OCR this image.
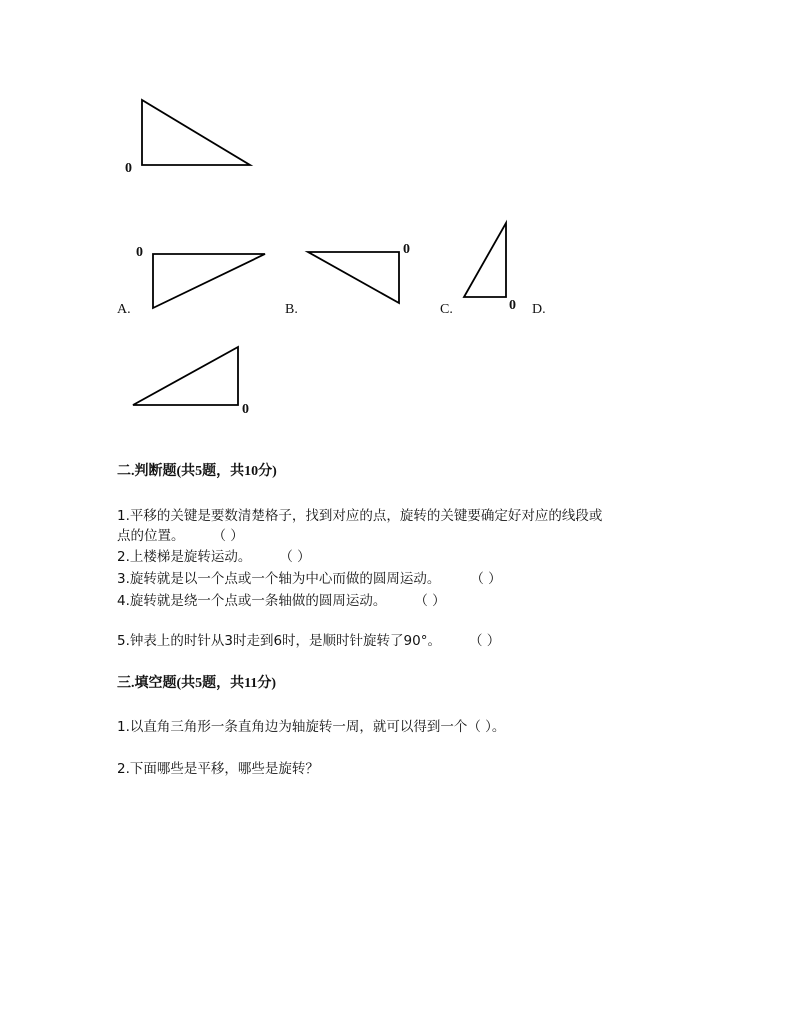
0
A.
0
B.
0
C.	0 D.
0
二.判断题(共5题，共10分)
1.平移的关键是要数清楚格子，找到对应的点，旋转的关键要确定好对应的线段或
点的位置。 （ ）
2.上楼梯是旋转运动。 （ ）
3.旋转就是以一个点或一个轴为中心而做的圆周运动。 （ ）
4.旋转就是绕一个点或一条轴做的圆周运动。 （ ）
5.钟表上的时针从3时走到6时，是顺时针旋转了90°。 （ ）
三.填空题(共5题，共11分)
1.以直角三角形一条直角边为轴旋转一周，就可以得到一个（ ）。
2.下面哪些是平移，哪些是旋转？
